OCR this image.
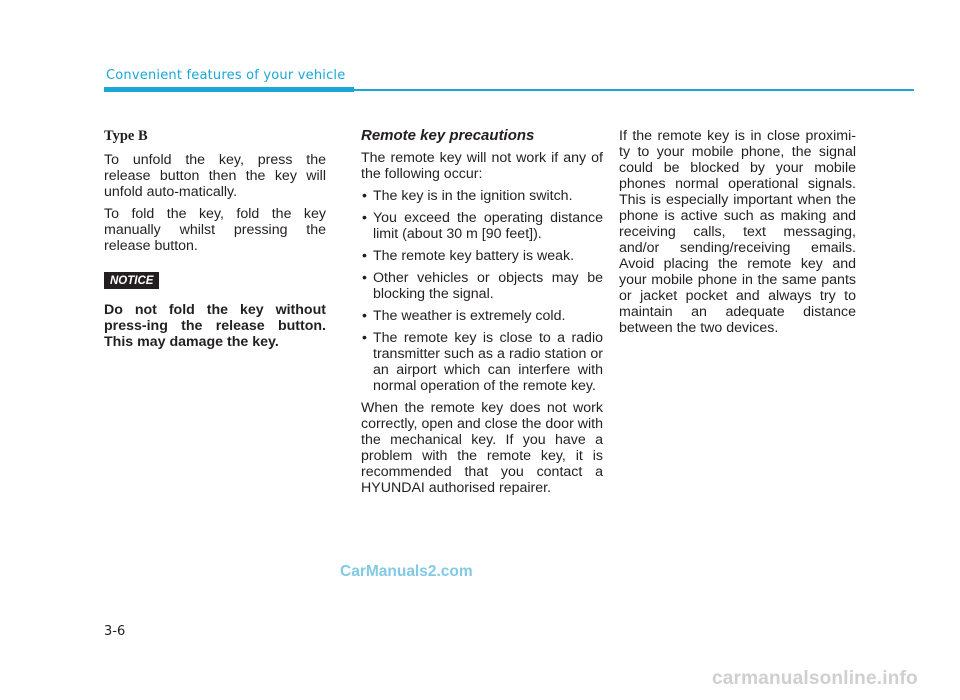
Convenient features of your vehicle

Type B

To unfold the key, press the release button then the key will unfold auto-matically.

To fold the key, fold the key manually whilst pressing the release button.

NOTICE

Do not fold the key without press-ing the release button. This may damage the key.

Remote key precautions

The remote key will not work if any of the following occur:

• The key is in the ignition switch.
• You exceed the operating distance limit (about 30 m [90 feet]).
• The remote key battery is weak.
• Other vehicles or objects may be blocking the signal.
• The weather is extremely cold.
• The remote key is close to a radio transmitter such as a radio station or an airport which can interfere with normal operation of the remote key.

When the remote key does not work correctly, open and close the door with the mechanical key. If you have a problem with the remote key, it is recommended that you contact a HYUNDAI authorised repairer.

If the remote key is in close proximi-ty to your mobile phone, the signal could be blocked by your mobile phones normal operational signals. This is especially important when the phone is active such as making and receiving calls, text messaging, and/or sending/receiving emails. Avoid placing the remote key and your mobile phone in the same pants or jacket pocket and always try to maintain an adequate distance between the two devices.

3-6
CarManuals2.com
carmanualsonline.info
